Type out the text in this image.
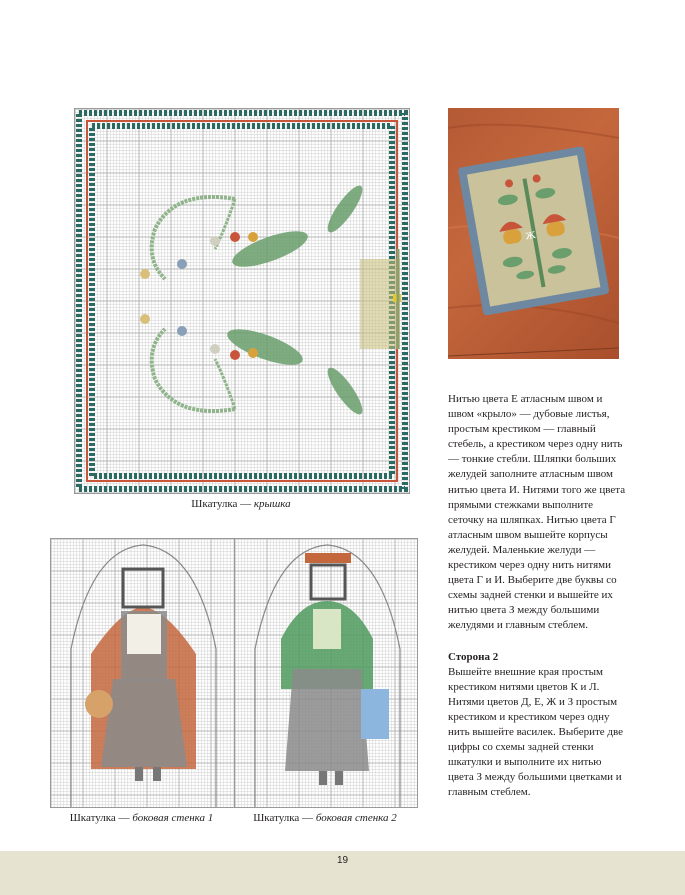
Шкатулка — крышка
Ж
Шкатулка — боковая стенка 1	Шкатулка — боковая стенка 2

Нитью цвета Е атласным швом и швом «крыло» — дубовые листья, простым крестиком — главный стебель, а крестиком через одну нить — тонкие стебли. Шляпки больших желудей заполните атласным швом нитью цвета И. Нитями того же цвета прямыми стежками выполните сеточку на шляпках. Нитью цвета Г атласным швом вышейте корпусы желудей. Маленькие желуди — крестиком через одну нить нитями цвета Г и И. Выберите две буквы со схемы задней стенки и вышейте их нитью цвета З между большими желудями и главным стеблем.

Сторона 2

Вышейте внешние края простым крестиком нитями цветов К и Л. Нитями цветов Д, Е, Ж и З простым крестиком и крестиком через одну нить вышейте василек. Выберите две цифры со схемы задней стенки шкатулки и выполните их нитью цвета З между большими цветками и главным стеблем.

19
